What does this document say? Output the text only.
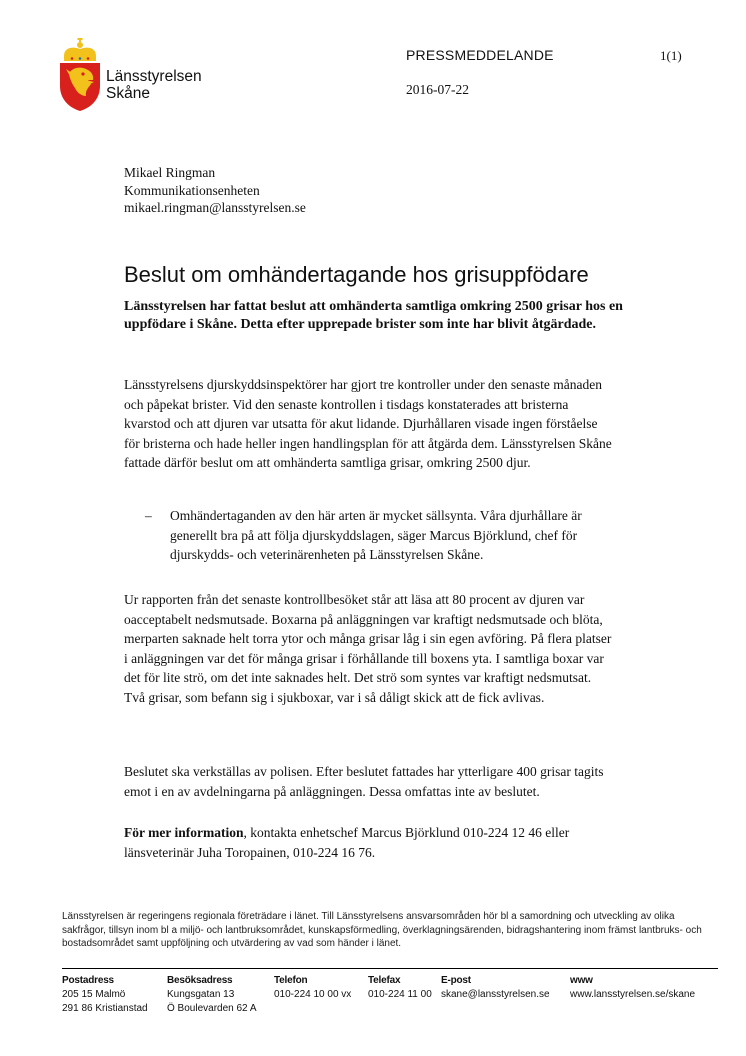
Länsstyrelsen
Skåne
PRESSMEDDELANDE	1(1)
2016-07-22
Mikael Ringman
Kommunikationsenheten
mikael.ringman@lansstyrelsen.se
Beslut om omhändertagande hos grisuppfödare

Länsstyrelsen har fattat beslut att omhänderta samtliga omkring 2500 grisar hos en uppfödare i Skåne. Detta efter upprepade brister som inte har blivit åtgärdade.

Länsstyrelsens djurskyddsinspektörer har gjort tre kontroller under den senaste månaden och påpekat brister. Vid den senaste kontrollen i tisdags konstaterades att bristerna kvarstod och att djuren var utsatta för akut lidande. Djurhållaren visade ingen förståelse för bristerna och hade heller ingen handlingsplan för att åtgärda dem. Länsstyrelsen Skåne fattade därför beslut om att omhänderta samtliga grisar, omkring 2500 djur.

–	Omhändertaganden av den här arten är mycket sällsynta. Våra djurhållare är generellt bra på att följa djurskyddslagen, säger Marcus Björklund, chef för djurskydds- och veterinärenheten på Länsstyrelsen Skåne.

Ur rapporten från det senaste kontrollbesöket står att läsa att 80 procent av djuren var oacceptabelt nedsmutsade. Boxarna på anläggningen var kraftigt nedsmutsade och blöta, merparten saknade helt torra ytor och många grisar låg i sin egen avföring. På flera platser i anläggningen var det för många grisar i förhållande till boxens yta. I samtliga boxar var det för lite strö, om det inte saknades helt. Det strö som syntes var kraftigt nedsmutsat. Två grisar, som befann sig i sjukboxar, var i så dåligt skick att de fick avlivas.

Beslutet ska verkställas av polisen. Efter beslutet fattades har ytterligare 400 grisar tagits emot i en av avdelningarna på anläggningen. Dessa omfattas inte av beslutet.

För mer information, kontakta enhetschef Marcus Björklund 010-224 12 46 eller länsveterinär Juha Toropainen, 010-224 16 76.

Länsstyrelsen är regeringens regionala företrädare i länet. Till Länsstyrelsens ansvarsområden hör bl a samordning och utveckling av olika sakfrågor, tillsyn inom bl a miljö- och lantbruksområdet, kunskapsförmedling, överklagningsärenden, bidragshantering inom främst lantbruks- och bostadsområdet samt uppföljning och utvärdering av vad som händer i länet.
Postadress
205 15 Malmö
291 86 Kristianstad
Besöksadress
Kungsgatan 13
Ö Boulevarden 62 A
Telefon
010-224 10 00 vx
Telefax
010-224 11 00
E-post
skane@lansstyrelsen.se
www
www.lansstyrelsen.se/skane
